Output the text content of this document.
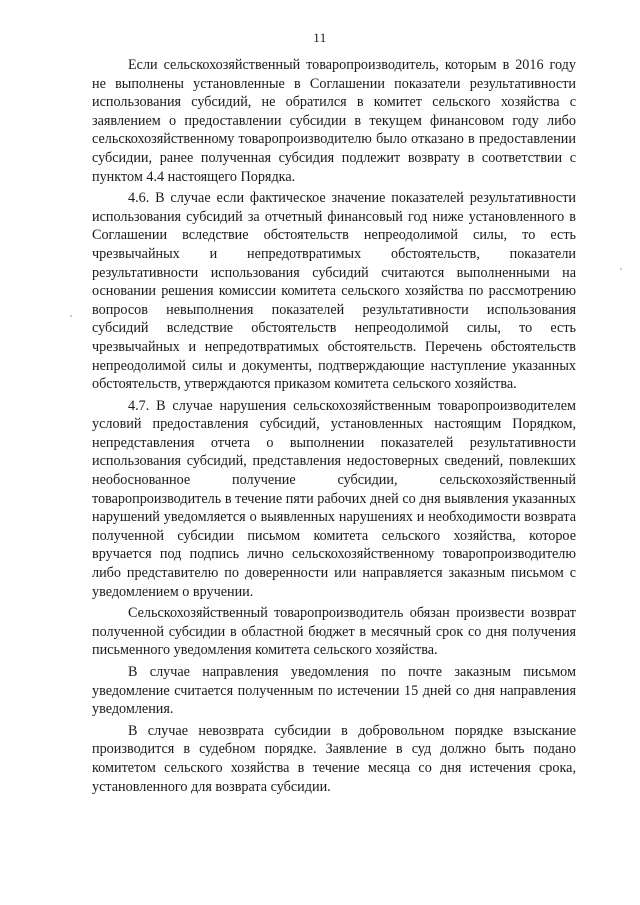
11

Если сельскохозяйственный товаропроизводитель, которым в 2016 году не выполнены установленные в Соглашении показатели результативности использования субсидий, не обратился в комитет сельского хозяйства с заявлением о предоставлении субсидии в текущем финансовом году либо сельскохозяйственному товаропроизводителю было отказано в предоставлении субсидии, ранее полученная субсидия подлежит возврату в соответствии с пунктом 4.4 настоящего Порядка.

4.6. В случае если фактическое значение показателей результативности использования субсидий за отчетный финансовый год ниже установленного в Соглашении вследствие обстоятельств непреодолимой силы, то есть чрезвычайных и непредотвратимых обстоятельств, показатели результативности использования субсидий считаются выполненными на основании решения комиссии комитета сельского хозяйства по рассмотрению вопросов невыполнения показателей результативности использования субсидий вследствие обстоятельств непреодолимой силы, то есть чрезвычайных и непредотвратимых обстоятельств. Перечень обстоятельств непреодолимой силы и документы, подтверждающие наступление указанных обстоятельств, утверждаются приказом комитета сельского хозяйства.

4.7. В случае нарушения сельскохозяйственным товаропроизводителем условий предоставления субсидий, установленных настоящим Порядком, непредставления отчета о выполнении показателей результативности использования субсидий, представления недостоверных сведений, повлекших необоснованное получение субсидии, сельскохозяйственный товаропроизводитель в течение пяти рабочих дней со дня выявления указанных нарушений уведомляется о выявленных нарушениях и необходимости возврата полученной субсидии письмом комитета сельского хозяйства, которое вручается под подпись лично сельскохозяйственному товаропроизводителю либо представителю по доверенности или направляется заказным письмом с уведомлением о вручении.

Сельскохозяйственный товаропроизводитель обязан произвести возврат полученной субсидии в областной бюджет в месячный срок со дня получения письменного уведомления комитета сельского хозяйства.

В случае направления уведомления по почте заказным письмом уведомление считается полученным по истечении 15 дней со дня направления уведомления.

В случае невозврата субсидии в добровольном порядке взыскание производится в судебном порядке. Заявление в суд должно быть подано комитетом сельского хозяйства в течение месяца со дня истечения срока, установленного для возврата субсидии.
